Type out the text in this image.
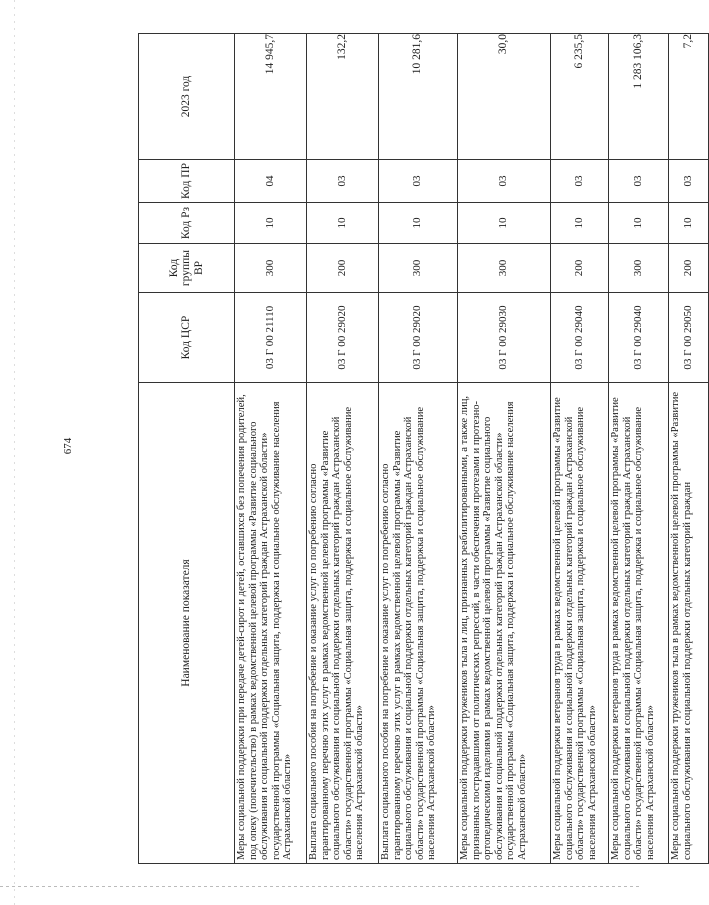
674
Наименование показателя	Код ЦСР	Код группы ВР	Код Рз	Код ПР	2023 год
Меры социальной поддержки при передаче детей-сирот и детей, оставшихся без попечения родителей, под опеку (попечительство) в рамках ведомственной целевой программы «Развитие социального обслуживания и социальной поддержки отдельных категорий граждан Астраханской области» государственной программы «Социальная защита, поддержка и социальное обслуживание населения Астраханской области»	03 Г 00 21110	300	10	04	14 945,7
Выплата социального пособия на погребение и оказание услуг по погребению согласно гарантированному перечню этих услуг в рамках ведомственной целевой программы «Развитие социального обслуживания и социальной поддержки отдельных категорий граждан Астраханской области» государственной программы «Социальная защита, поддержка и социальное обслуживание населения Астраханской области»	03 Г 00 29020	200	10	03	132,2
Выплата социального пособия на погребение и оказание услуг по погребению согласно гарантированному перечню этих услуг в рамках ведомственной целевой программы «Развитие социального обслуживания и социальной поддержки отдельных категорий граждан Астраханской области» государственной программы «Социальная защита, поддержка и социальное обслуживание населения Астраханской области»	03 Г 00 29020	300	10	03	10 281,6
Меры социальной поддержки тружеников тыла и лиц, признанных реабилитированными, а также лиц, признанных пострадавшими от политических репрессий, в части обеспечения протезами и протезно-ортопедическими изделиями в рамках ведомственной целевой программы «Развитие социального обслуживания и социальной поддержки отдельных категорий граждан Астраханской области» государственной программы «Социальная защита, поддержка и социальное обслуживание населения Астраханской области»	03 Г 00 29030	300	10	03	30,0
Меры социальной поддержки ветеранов труда в рамках ведомственной целевой программы «Развитие социального обслуживания и социальной поддержки отдельных категорий граждан Астраханской области» государственной программы «Социальная защита, поддержка и социальное обслуживание населения Астраханской области»	03 Г 00 29040	200	10	03	6 235,5
Меры социальной поддержки ветеранов труда в рамках ведомственной целевой программы «Развитие социального обслуживания и социальной поддержки отдельных категорий граждан Астраханской области» государственной программы «Социальная защита, поддержка и социальное обслуживание населения Астраханской области»	03 Г 00 29040	300	10	03	1 283 106,3
Меры социальной поддержки тружеников тыла в рамках ведомственной целевой программы «Развитие социального обслуживания и социальной поддержки отдельных категорий граждан	03 Г 00 29050	200	10	03	7,2
